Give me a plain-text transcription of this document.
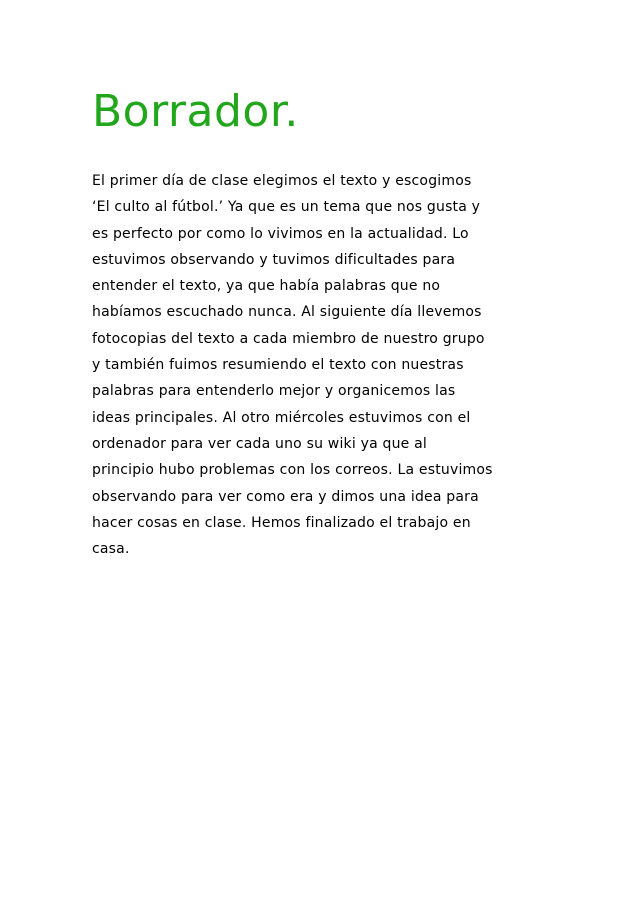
Borrador.
El primer día de clase elegimos el texto y escogimos
‘El culto al fútbol.’ Ya que es un tema que nos gusta y
es perfecto por como lo vivimos en la actualidad. Lo
estuvimos observando y tuvimos dificultades para
entender el texto, ya que había palabras que no
habíamos escuchado nunca. Al siguiente día llevemos
fotocopias del texto a cada miembro de nuestro grupo
y también fuimos resumiendo el texto con nuestras
palabras para entenderlo mejor y organicemos las
ideas principales. Al otro miércoles estuvimos con el
ordenador para ver cada uno su wiki ya que al
principio hubo problemas con los correos. La estuvimos
observando para ver como era y dimos una idea para
hacer cosas en clase. Hemos finalizado el trabajo en
casa.
